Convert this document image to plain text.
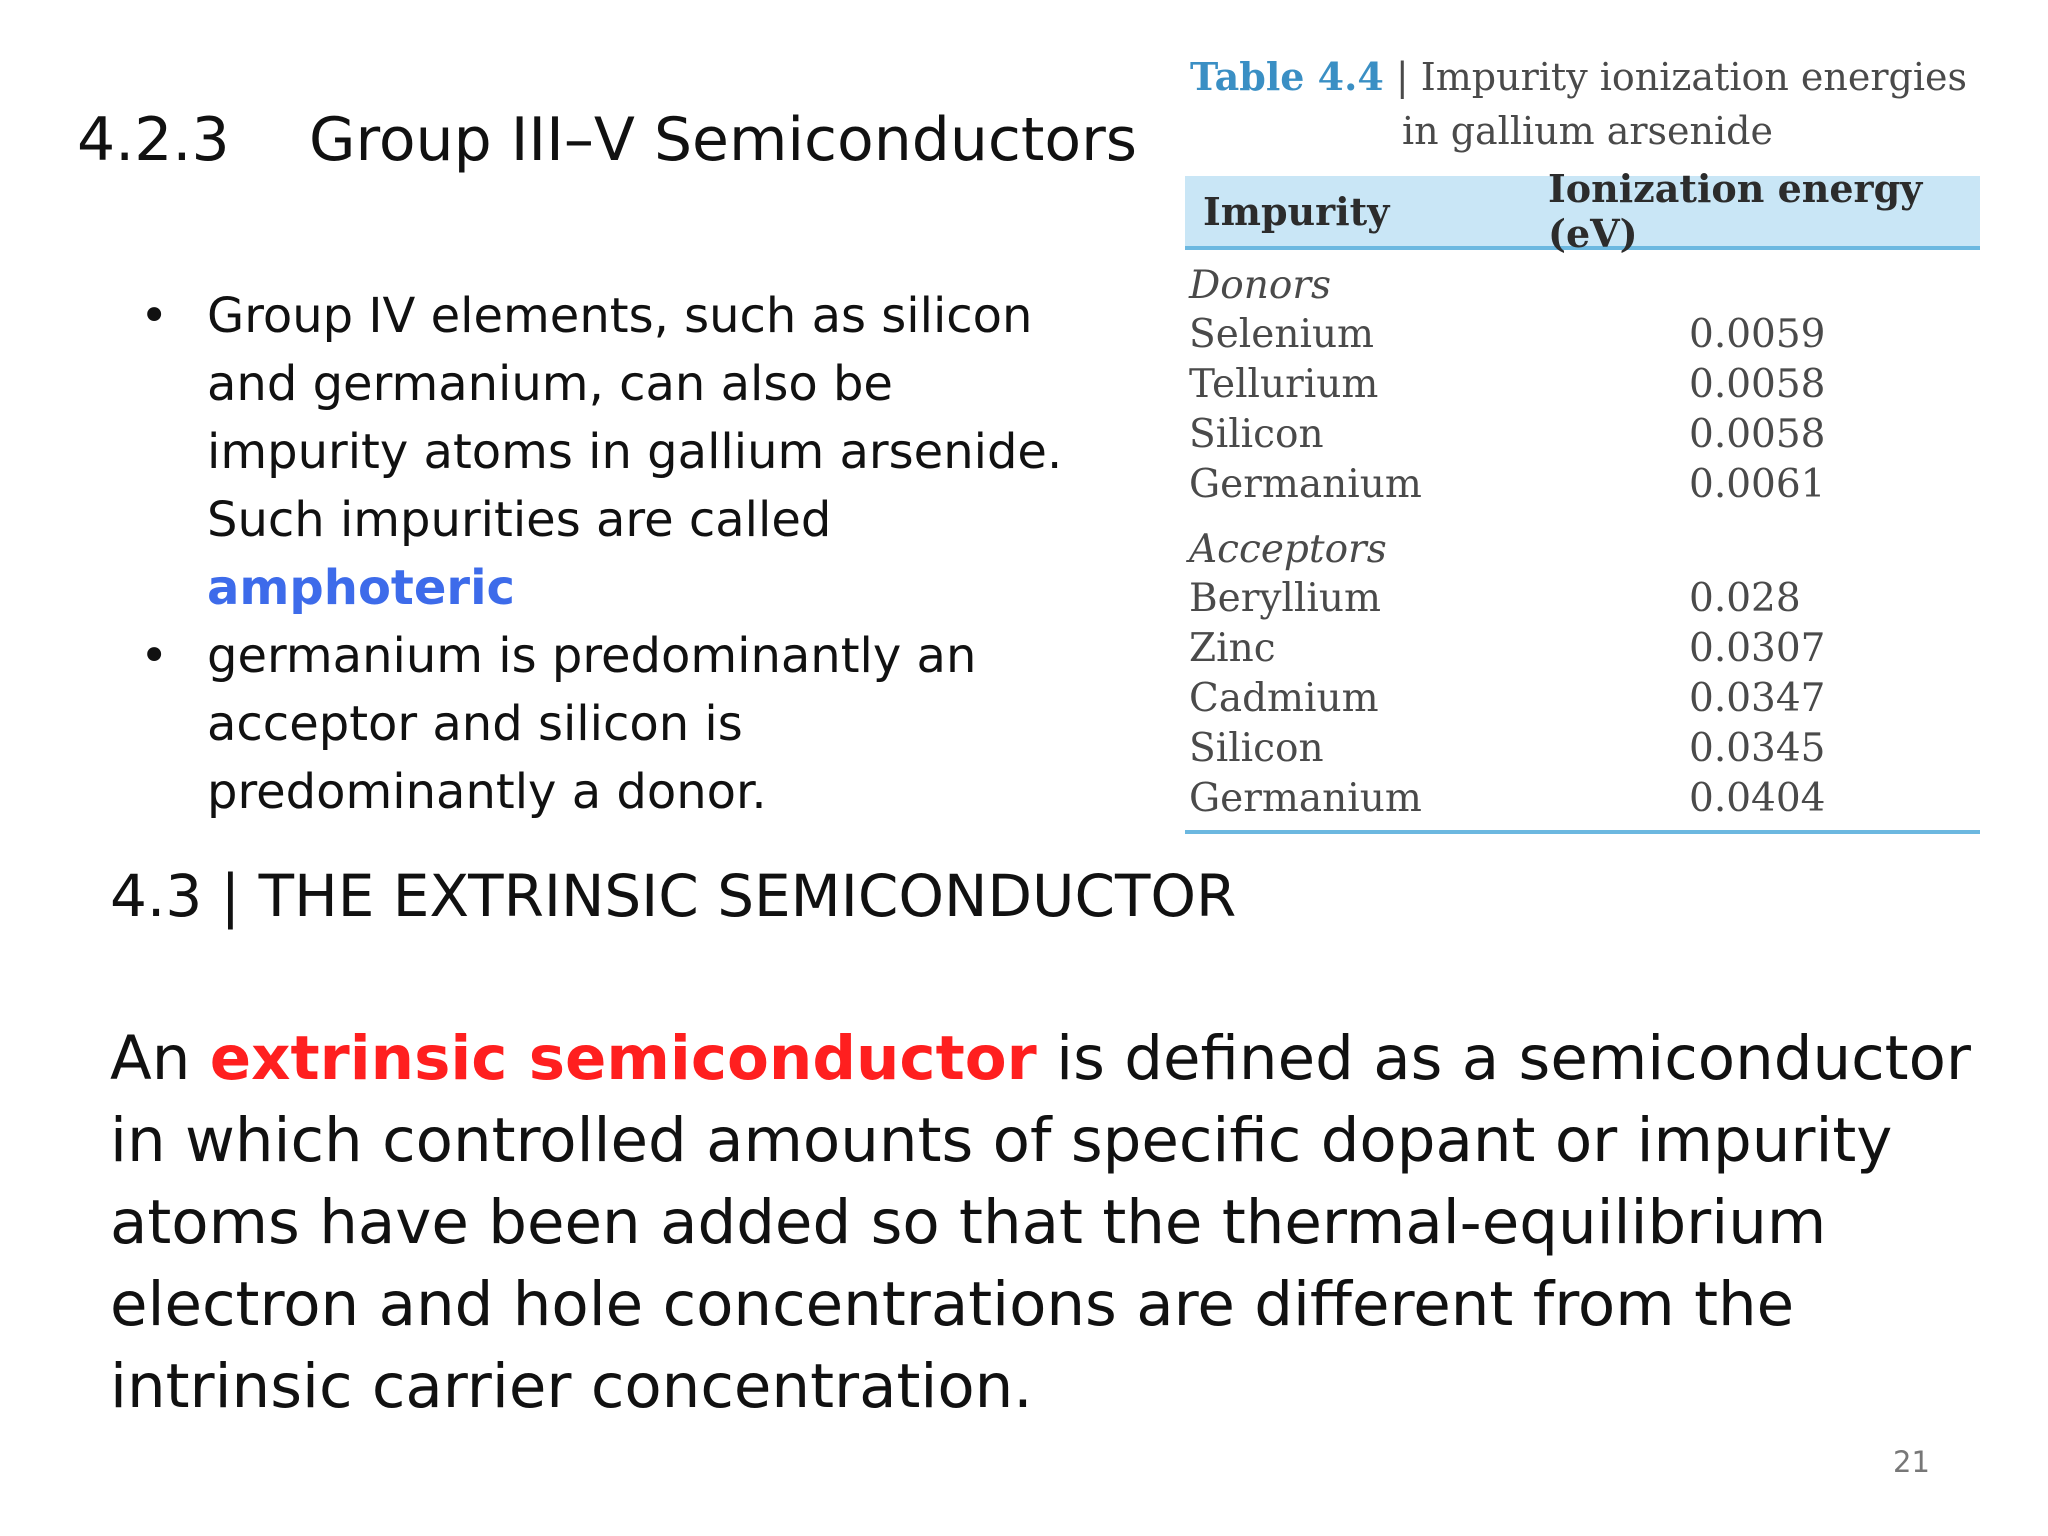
4.2.3 Group III–V Semiconductors
• Group IV elements, such as silicon and germanium, can also be impurity atoms in gallium arsenide. Such impurities are called amphoteric
• germanium is predominantly an acceptor and silicon is predominantly a donor.
Table 4.4 | Impurity ionization energies
in gallium arsenide
Impurity	Ionization energy (eV)
Donors
Selenium	0.0059
Tellurium	0.0058
Silicon	0.0058
Germanium	0.0061
Acceptors
Beryllium	0.028
Zinc	0.0307
Cadmium	0.0347
Silicon	0.0345
Germanium	0.0404
4.3 | THE EXTRINSIC SEMICONDUCTOR
An extrinsic semiconductor is defined as a semiconductor in which controlled amounts of specific dopant or impurity atoms have been added so that the thermal-equilibrium electron and hole concentrations are different from the intrinsic carrier concentration.
21
